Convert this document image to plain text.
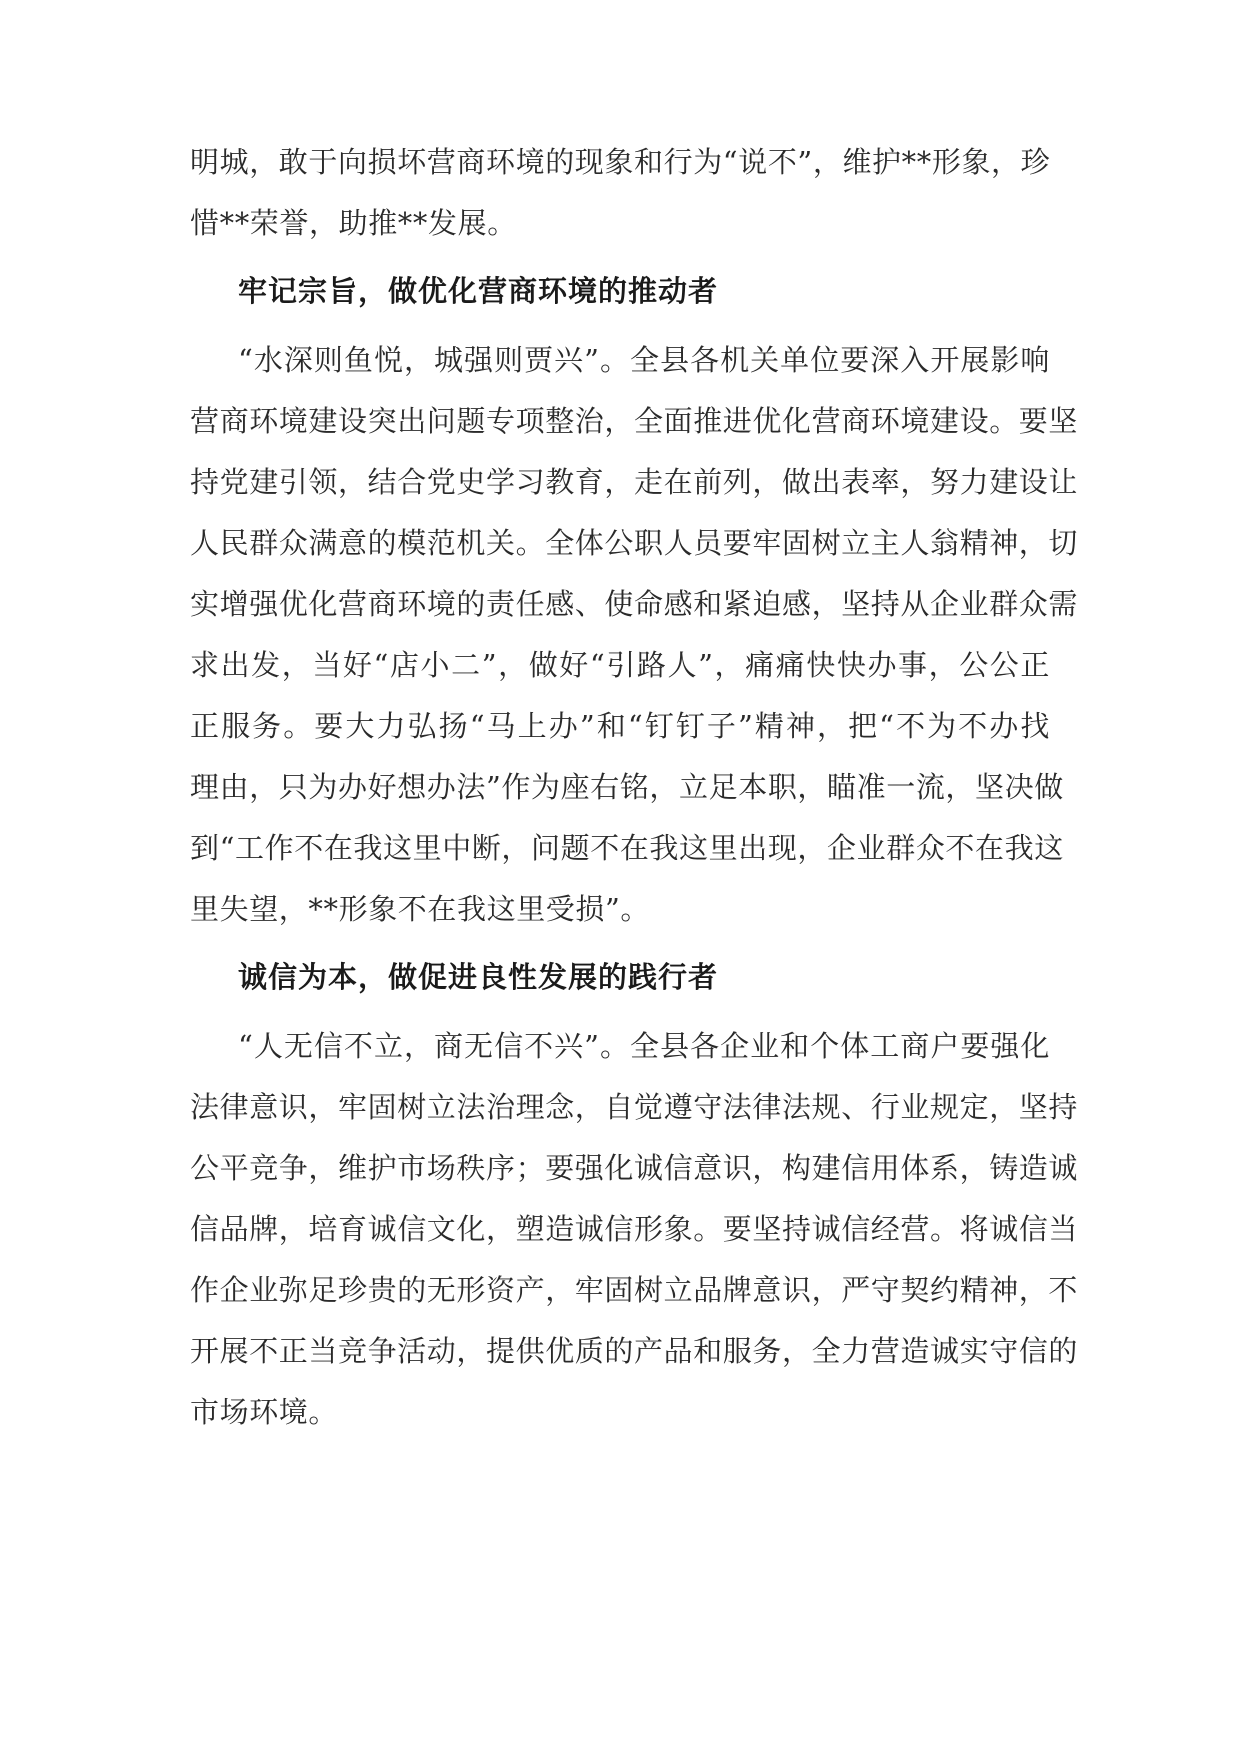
明城，敢于向损坏营商环境的现象和行为“说不”，维护**形象，珍
惜**荣誉，助推**发展。
牢记宗旨，做优化营商环境的推动者
“水深则鱼悦，城强则贾兴”。全县各机关单位要深入开展影响
营商环境建设突出问题专项整治，全面推进优化营商环境建设。要坚
持党建引领，结合党史学习教育，走在前列，做出表率，努力建设让
人民群众满意的模范机关。全体公职人员要牢固树立主人翁精神，切
实增强优化营商环境的责任感、使命感和紧迫感，坚持从企业群众需
求出发，当好“店小二”，做好“引路人”，痛痛快快办事，公公正
正服务。要大力弘扬“马上办”和“钉钉子”精神，把“不为不办找
理由，只为办好想办法”作为座右铭，立足本职，瞄准一流，坚决做
到“工作不在我这里中断，问题不在我这里出现，企业群众不在我这
里失望，**形象不在我这里受损”。
诚信为本，做促进良性发展的践行者
“人无信不立，商无信不兴”。全县各企业和个体工商户要强化
法律意识，牢固树立法治理念，自觉遵守法律法规、行业规定，坚持
公平竞争，维护市场秩序；要强化诚信意识，构建信用体系，铸造诚
信品牌，培育诚信文化，塑造诚信形象。要坚持诚信经营。将诚信当
作企业弥足珍贵的无形资产，牢固树立品牌意识，严守契约精神，不
开展不正当竞争活动，提供优质的产品和服务，全力营造诚实守信的
市场环境。
